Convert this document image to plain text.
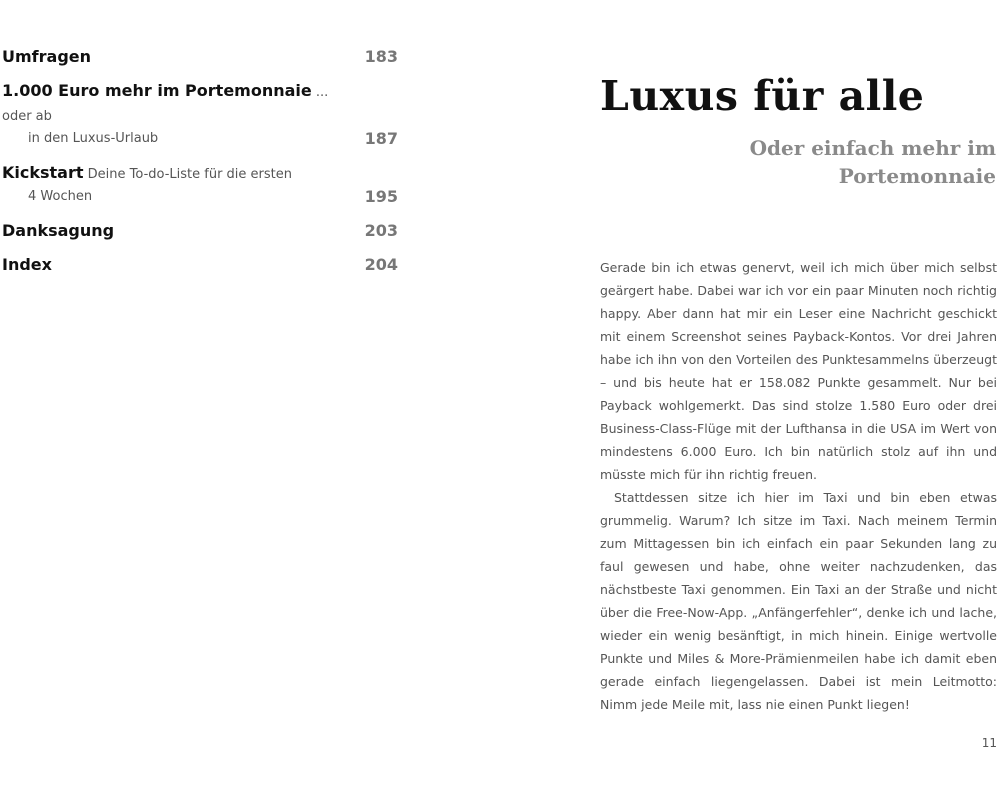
Umfragen	183
1.000 Euro mehr im Portemonnaie ... oder ab
in den Luxus-Urlaub	187
Kickstart Deine To-do-Liste für die ersten
4 Wochen	195
Danksagung	203
Index	204
Luxus für alle
Oder einfach mehr im Portemonnaie

Gerade bin ich etwas genervt, weil ich mich über mich selbst geärgert habe. Dabei war ich vor ein paar Minuten noch richtig happy. Aber dann hat mir ein Leser eine Nachricht geschickt mit einem Screenshot seines Payback-Kontos. Vor drei Jahren habe ich ihn von den Vorteilen des Punktesammelns überzeugt – und bis heute hat er 158.082 Punkte gesammelt. Nur bei Payback wohlgemerkt. Das sind stolze 1.580 Euro oder drei Business-Class-Flüge mit der Lufthansa in die USA im Wert von mindestens 6.000 Euro. Ich bin natürlich stolz auf ihn und müsste mich für ihn richtig freuen.

Stattdessen sitze ich hier im Taxi und bin eben etwas grummelig. Warum? Ich sitze im Taxi. Nach meinem Termin zum Mittagessen bin ich einfach ein paar Sekunden lang zu faul gewesen und habe, ohne weiter nachzudenken, das nächstbeste Taxi genommen. Ein Taxi an der Straße und nicht über die Free-Now-App. „Anfängerfehler“, denke ich und lache, wieder ein wenig besänftigt, in mich hinein. Einige wertvolle Punkte und Miles & More-Prämienmeilen habe ich damit eben gerade einfach liegengelassen. Dabei ist mein Leitmotto: Nimm jede Meile mit, lass nie einen Punkt liegen!

11
